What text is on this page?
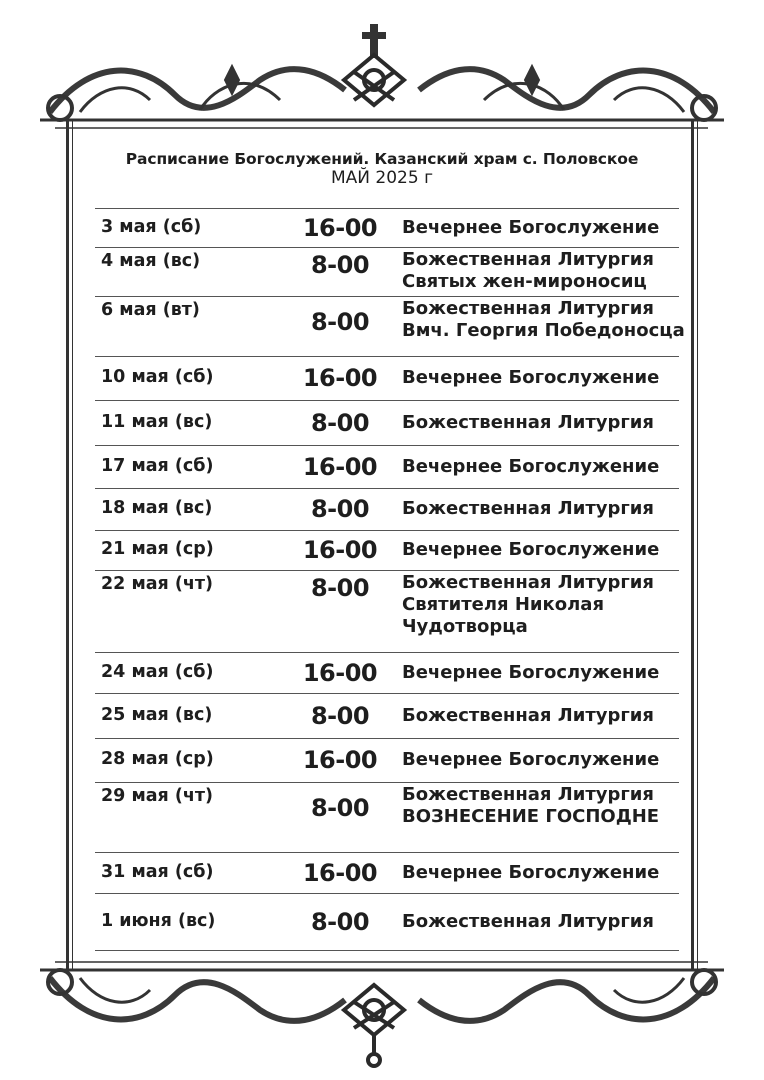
Расписание Богослужений. Казанский храм с. Половское
МАЙ 2025 г
3 мая (сб)	16-00	Вечернее Богослужение
4 мая (вс)	8-00	Божественная Литургия
Святых жен-мироносиц
6 мая (вт)	8-00	Божественная Литургия
Вмч. Георгия Победоносца
10 мая (сб)	16-00	Вечернее Богослужение
11 мая (вс)	8-00	Божественная Литургия
17 мая (сб)	16-00	Вечернее Богослужение
18 мая (вс)	8-00	Божественная Литургия
21 мая (ср)	16-00	Вечернее Богослужение
22 мая (чт)	8-00	Божественная Литургия
Святителя Николая
Чудотворца
24 мая (сб)	16-00	Вечернее Богослужение
25 мая (вс)	8-00	Божественная Литургия
28 мая (ср)	16-00	Вечернее Богослужение
29 мая (чт)	8-00	Божественная Литургия
ВОЗНЕСЕНИЕ ГОСПОДНЕ
31 мая (сб)	16-00	Вечернее Богослужение
1 июня (вс)	8-00	Божественная Литургия
